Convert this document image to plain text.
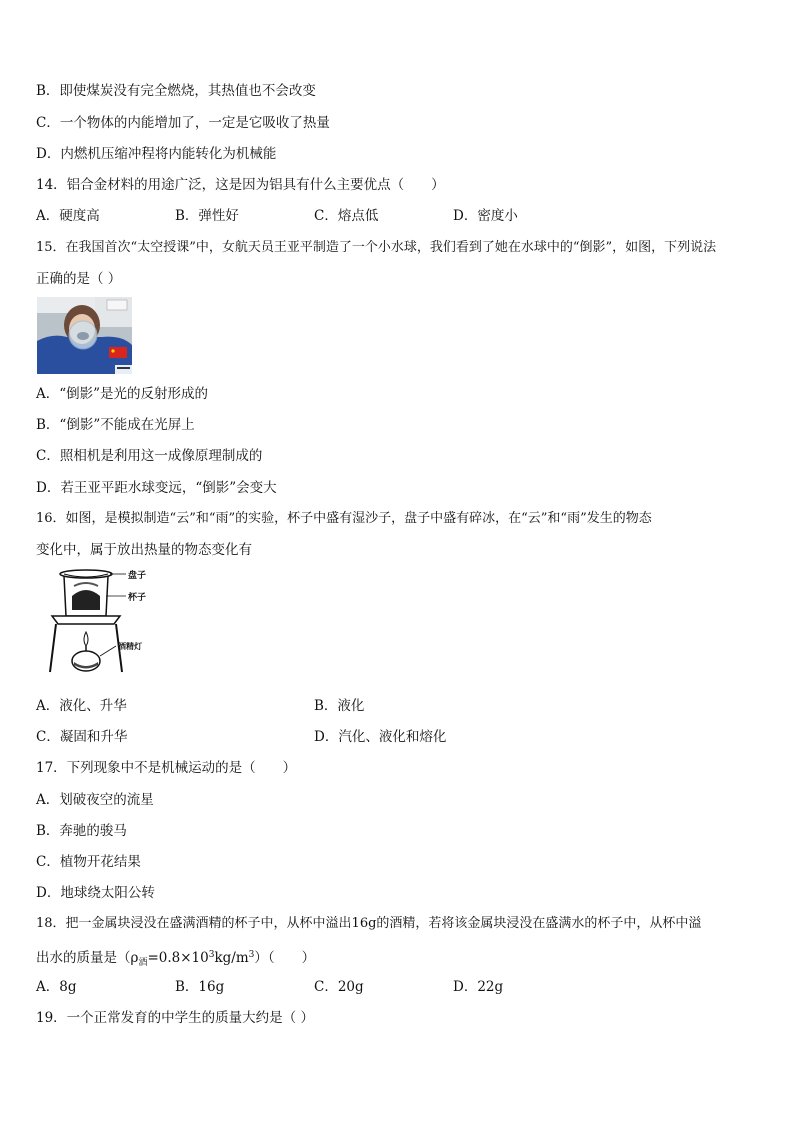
B．即使煤炭没有完全燃烧，其热值也不会改变
C．一个物体的内能增加了，一定是它吸收了热量
D．内燃机压缩冲程将内能转化为机械能
14．铝合金材料的用途广泛，这是因为铝具有什么主要优点（　　）
A．硬度高	B．弹性好	C．熔点低	D．密度小
15．在我国首次“太空授课”中，女航天员王亚平制造了一个小水球，我们看到了她在水球中的“倒影”，如图，下列说法
正确的是（ ）
A．“倒影”是光的反射形成的
B．“倒影”不能成在光屏上
C．照相机是利用这一成像原理制成的
D．若王亚平距水球变远，“倒影”会变大
16．如图，是模拟制造“云”和“雨”的实验，杯子中盛有湿沙子，盘子中盛有碎冰，在“云”和“雨”发生的物态
变化中，属于放出热量的物态变化有
盘子
杯子
酒精灯
A．液化、升华	B．液化
C．凝固和升华	D．汽化、液化和熔化
17．下列现象中不是机械运动的是（　　）
A．划破夜空的流星
B．奔驰的骏马
C．植物开花结果
D．地球绕太阳公转
18．把一金属块浸没在盛满酒精的杯子中，从杯中溢出16g的酒精，若将该金属块浸没在盛满水的杯子中，从杯中溢
出水的质量是$(\rho_酒=0.8\times 10^3kg/m^3)$（　　）
A．8g	B．16g	C．20g	D．22g
19．一个正常发育的中学生的质量大约是（ ）
